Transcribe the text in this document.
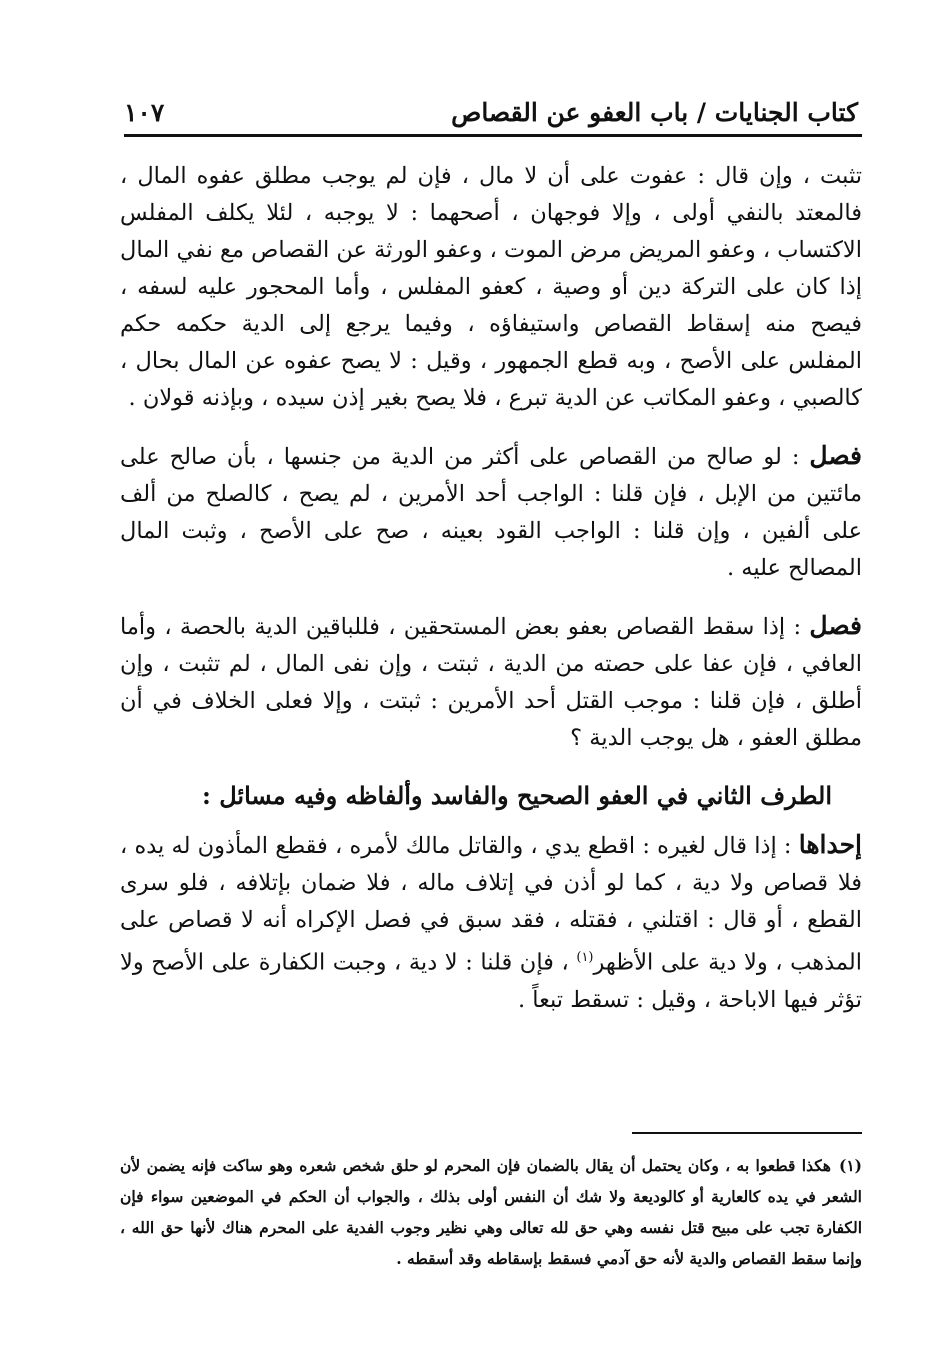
كتاب الجنايات / باب العفو عن القصاص
١٠٧

تثبت ، وإن قال : عفوت على أن لا مال ، فإن لم يوجب مطلق عفوه المال ، فالمعتد بالنفي أولى ، وإلا فوجهان ، أصحهما : لا يوجبه ، لئلا يكلف المفلس الاكتساب ، وعفو المريض مرض الموت ، وعفو الورثة عن القصاص مع نفي المال إذا كان على التركة دين أو وصية ، كعفو المفلس ، وأما المحجور عليه لسفه ، فيصح منه إسقاط القصاص واستيفاؤه ، وفيما يرجع إلى الدية حكمه حكم المفلس على الأصح ، وبه قطع الجمهور ، وقيل : لا يصح عفوه عن المال بحال ، كالصبي ، وعفو المكاتب عن الدية تبرع ، فلا يصح بغير إذن سيده ، وبإذنه قولان .

فصل : لو صالح من القصاص على أكثر من الدية من جنسها ، بأن صالح على مائتين من الإبل ، فإن قلنا : الواجب أحد الأمرين ، لم يصح ، كالصلح من ألف على ألفين ، وإن قلنا : الواجب القود بعينه ، صح على الأصح ، وثبت المال المصالح عليه .

فصل : إذا سقط القصاص بعفو بعض المستحقين ، فللباقين الدية بالحصة ، وأما العافي ، فإن عفا على حصته من الدية ، ثبتت ، وإن نفى المال ، لم تثبت ، وإن أطلق ، فإن قلنا : موجب القتل أحد الأمرين : ثبتت ، وإلا فعلى الخلاف في أن مطلق العفو ، هل يوجب الدية ؟

الطرف الثاني في العفو الصحيح والفاسد وألفاظه وفيه مسائل :

إحداها : إذا قال لغيره : اقطع يدي ، والقاتل مالك لأمره ، فقطع المأذون له يده ، فلا قصاص ولا دية ، كما لو أذن في إتلاف ماله ، فلا ضمان بإتلافه ، فلو سرى القطع ، أو قال : اقتلني ، فقتله ، فقد سبق في فصل الإكراه أنه لا قصاص على المذهب ، ولا دية على الأظهر$^{(١)}$ ، فإن قلنا : لا دية ، وجبت الكفارة على الأصح ولا تؤثر فيها الاباحة ، وقيل : تسقط تبعاً .

(١)هكذا قطعوا به ، وكان يحتمل أن يقال بالضمان فإن المحرم لو حلق شخص شعره وهو ساكت فإنه يضمن لأن الشعر في يده كالعارية أو كالوديعة ولا شك أن النفس أولى بذلك ، والجواب أن الحكم في الموضعين سواء فإن الكفارة تجب على مبيح قتل نفسه وهي حق لله تعالى وهي نظير وجوب الفدية على المحرم هناك لأنها حق الله ، وإنما سقط القصاص والدية لأنه حق آدمي فسقط بإسقاطه وقد أسقطه .
